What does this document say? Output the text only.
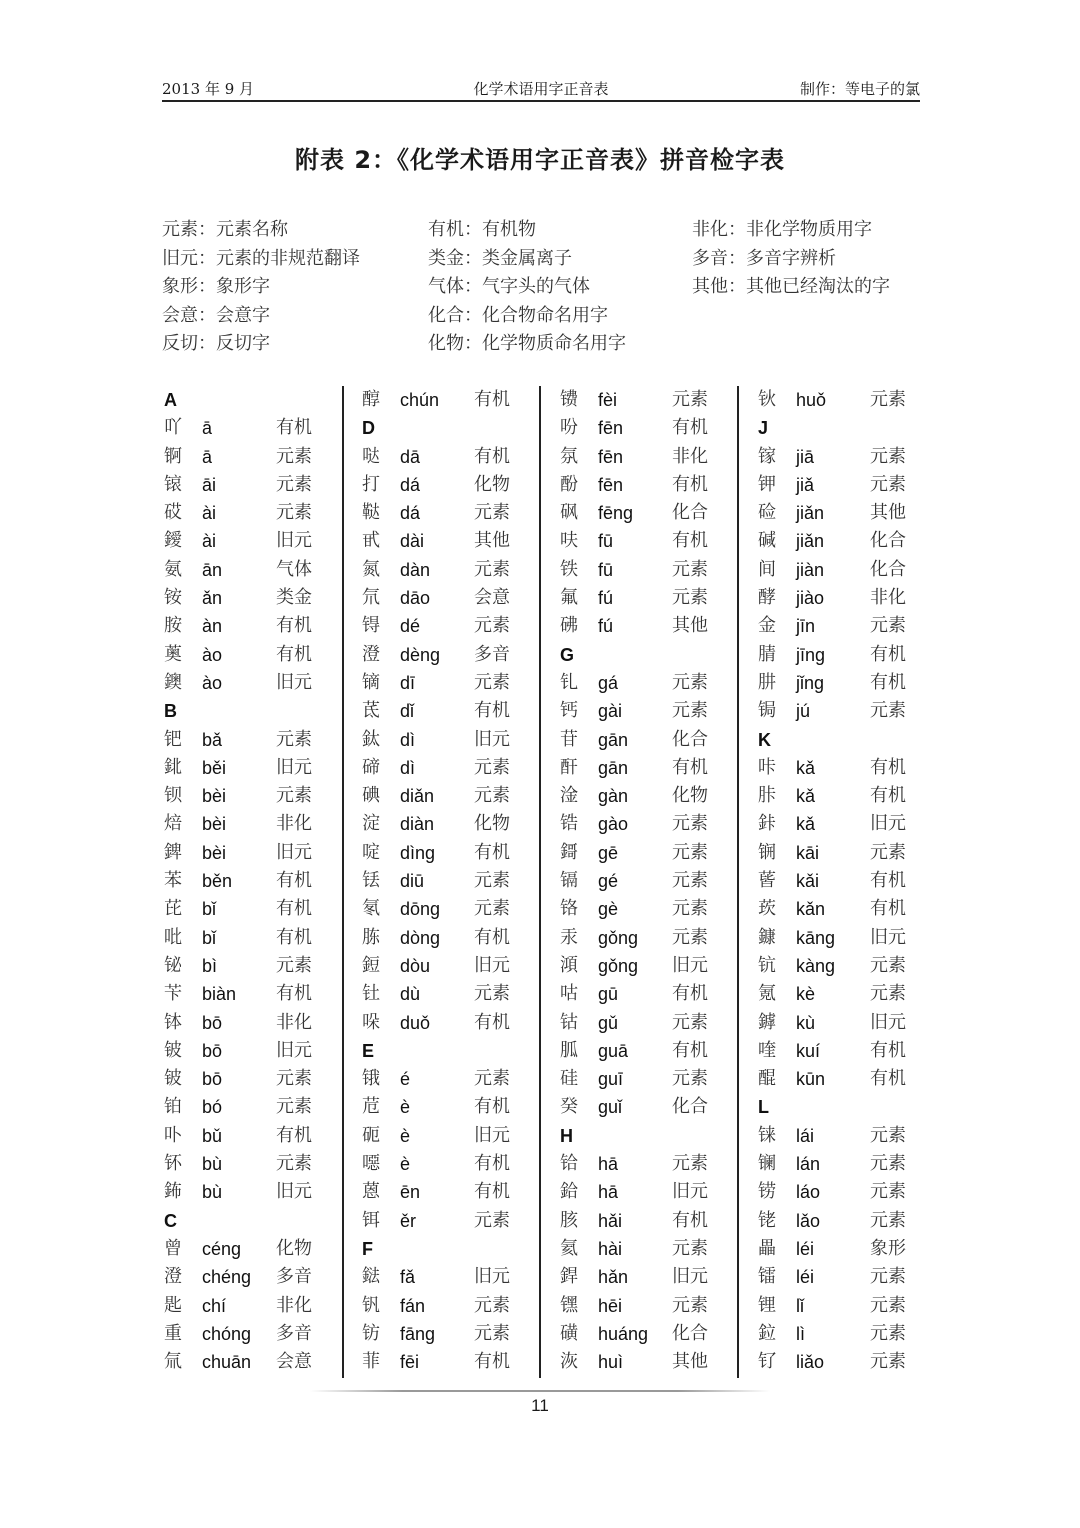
2013 年 9 月	化学术语用字正音表	制作：等电子的氯
附表 2：《化学术语用字正音表》拼音检字表
元素：元素名称	有机：有机物	非化：非化学物质用字
旧元：元素的非规范翻译	类金：类金属离子	多音：多音字辨析
象形：象形字	气体：气字头的气体	其他：其他已经淘汰的字
会意：会意字	化合：化合物命名用字
反切：反切字	化物：化学物质命名用字
A
吖 ā	有机
锕 ā	元素
锿 āi	元素
砹 ài	元素
鑀 ài	旧元
氨 ān	气体
铵 ǎn	类金
胺 àn	有机
薁 ào	有机
鐭 ào	旧元
B
钯 bǎ	元素
鉳 běi	旧元
钡 bèi	元素
焙 bèi	非化
錍 bèi	旧元
苯 běn 有机
芘 bǐ	有机
吡 bǐ	有机
铋 bì	元素
苄 biàn 有机
钵 bō	非化
铍 bō	旧元
铍 bō	元素
铂 bó	元素
卟 bǔ	有机
钚 bù	元素
鈽 bù	旧元
C
曾 céng 化物
澄 chéng 多音
匙 chí	非化
重 chóng 多音
氚 chuān 会意
醇 chún 有机
D
哒 dā	有机
打 dá	化物
鞑 dá	元素
甙 dài	其他
氮 dàn 元素
氘 dāo 会意
锝 dé	元素
澄 dèng 多音
镝 dī	元素
茋 dǐ	有机
鈦 dì	旧元
碲 dì	元素
碘 diǎn 元素
淀 diàn 化物
啶 dìng 有机
铥 diū	元素
氡 dōng 元素
胨 dòng 有机
鋀 dòu 旧元
钍 dù	元素
哚 duǒ 有机
E
锇 é	元素
苊 è	有机
砈 è	旧元
噁 è	有机
蒽 ēn	有机
铒 ěr	元素
F
鍅 fǎ	旧元
钒 fán	元素
钫 fāng 元素
菲 fēi	有机
镄 fèi	元素
吩 fēn	有机
氛 fēn	非化
酚 fēn	有机
砜 fēng 化合
呋 fū	有机
铁 fū	元素
氟 fú	元素
砩 fú	其他
G
钆 gá	元素
钙 gài	元素
苷 gān 化合
酐 gān 有机
淦 gàn 化物
锆 gào 元素
鎶 gē	元素
镉 gé	元素
铬 gè	元素
汞 gǒng 元素
澒 gǒng 旧元
咕 gū	有机
钴 gǔ	元素
胍 guā 有机
硅 guī	元素
癸 guǐ	化合
H
铪 hā	元素
鉿 hā	旧元
胲 hǎi	有机
氦 hài	元素
銲 hǎn 旧元
𬭶 hēi	元素
磺 huáng 化合
洃 huì	其他
钬 huǒ 元素
J
镓 jiā	元素
钾 jiǎ	元素
硷 jiǎn	其他
碱 jiǎn	化合
间 jiàn	化合
酵 jiào	非化
金 jīn	元素
腈 jīng 有机
肼 jǐng	有机
锔 jú	元素
K
咔 kǎ	有机
胩 kǎ	有机
鉲 kǎ	旧元
锎 kāi	元素
蒈 kǎi	有机
莰 kǎn 有机
鏮 kāng 旧元
钪 kàng 元素
氪 kè	元素
鏬 kù	旧元
喹 kuí	有机
醌 kūn 有机
L
铼 lái	元素
镧 lán	元素
铹 láo	元素
铑 lǎo	元素
畾 léi	象形
镭 léi	元素
锂 lǐ	元素
鉝 lì	元素
钌 liǎo	元素
11
